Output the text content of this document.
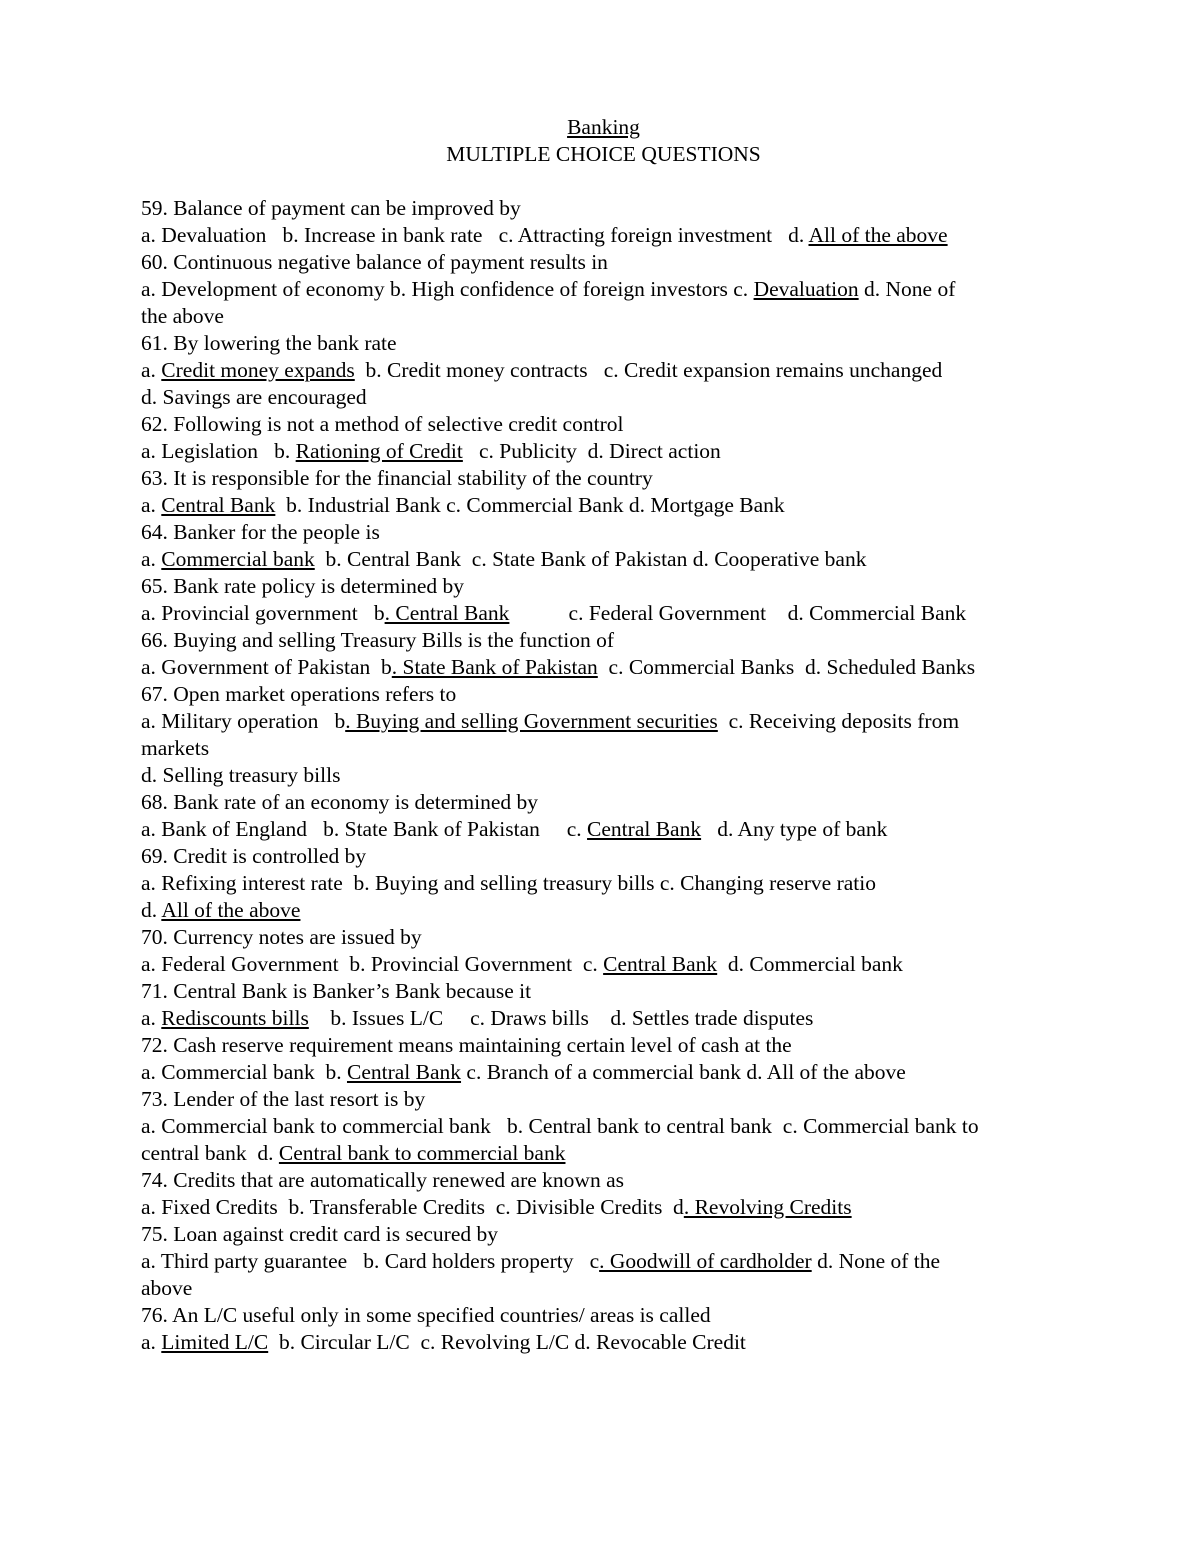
Banking
MULTIPLE CHOICE QUESTIONS
59. Balance of payment can be improved by
a. Devaluation   b. Increase in bank rate   c. Attracting foreign investment   d. All of the above
60. Continuous negative balance of payment results in
a. Development of economy b. High confidence of foreign investors c. Devaluation d. None of
the above
61. By lowering the bank rate
a. Credit money expands  b. Credit money contracts   c. Credit expansion remains unchanged
d. Savings are encouraged
62. Following is not a method of selective credit control
a. Legislation   b. Rationing of Credit   c. Publicity  d. Direct action
63. It is responsible for the financial stability of the country
a. Central Bank  b. Industrial Bank c. Commercial Bank d. Mortgage Bank
64. Banker for the people is
a. Commercial bank  b. Central Bank  c. State Bank of Pakistan d. Cooperative bank
65. Bank rate policy is determined by
a. Provincial government   b. Central Bank           c. Federal Government    d. Commercial Bank
66. Buying and selling Treasury Bills is the function of
a. Government of Pakistan  b. State Bank of Pakistan  c. Commercial Banks  d. Scheduled Banks
67. Open market operations refers to
a. Military operation   b. Buying and selling Government securities  c. Receiving deposits from
markets
d. Selling treasury bills
68. Bank rate of an economy is determined by
a. Bank of England   b. State Bank of Pakistan     c. Central Bank   d. Any type of bank
69. Credit is controlled by
a. Refixing interest rate  b. Buying and selling treasury bills c. Changing reserve ratio
d. All of the above
70. Currency notes are issued by
a. Federal Government  b. Provincial Government  c. Central Bank  d. Commercial bank
71. Central Bank is Banker’s Bank because it
a. Rediscounts bills    b. Issues L/C     c. Draws bills    d. Settles trade disputes
72. Cash reserve requirement means maintaining certain level of cash at the
a. Commercial bank  b. Central Bank c. Branch of a commercial bank d. All of the above
73. Lender of the last resort is by
a. Commercial bank to commercial bank   b. Central bank to central bank  c. Commercial bank to
central bank  d. Central bank to commercial bank
74. Credits that are automatically renewed are known as
a. Fixed Credits  b. Transferable Credits  c. Divisible Credits  d. Revolving Credits
75. Loan against credit card is secured by
a. Third party guarantee   b. Card holders property   c. Goodwill of cardholder d. None of the
above
76. An L/C useful only in some specified countries/ areas is called
a. Limited L/C  b. Circular L/C  c. Revolving L/C d. Revocable Credit
